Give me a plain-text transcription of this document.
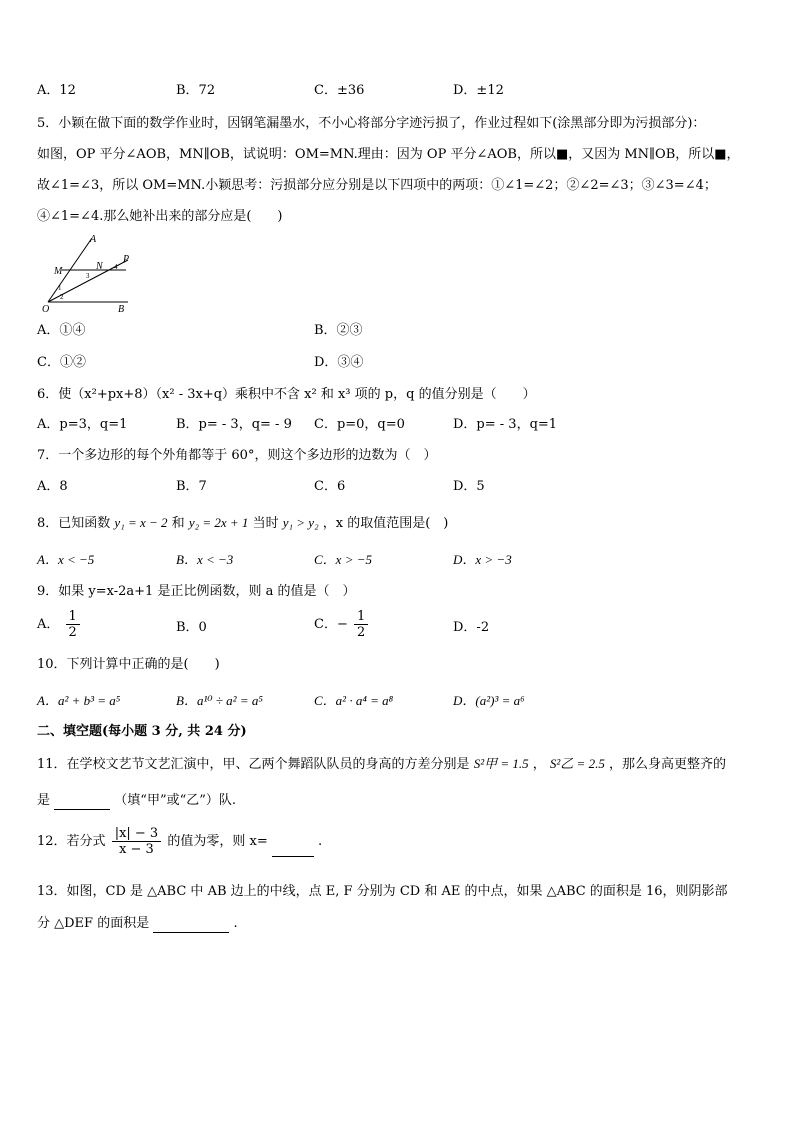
A．12	B．72	C．±36	D．±12
5．小颖在做下面的数学作业时，因钢笔漏墨水，不小心将部分字迹污损了，作业过程如下(涂黑部分即为污损部分)：
如图，OP 平分∠AOB，MN∥OB，试说明：OM=MN.理由：因为 OP 平分∠AOB，所以■，又因为 MN∥OB，所以■，
故∠1=∠3，所以 OM=MN.小颖思考：污损部分应分别是以下四项中的两项：①∠1=∠2；②∠2=∠3；③∠3=∠4；
④∠1=∠4.那么她补出来的部分应是(　　)
A
M	N
P
O	B
1
2
3
4
A．①④	B．②③
C．①②	D．③④
6．使（x²+px+8）（x² - 3x+q）乘积中不含 x² 和 x³ 项的 p，q 的值分别是（　　）
A．p=3，q=1	B．p= - 3，q= - 9 C．p=0，q=0	D．p= - 3，q=1
7．一个多边形的每个外角都等于 60°，则这个多边形的边数为（　）
A．8	B．7	C．6	D．5
8．已知函数 y₁ = x − 2 和 y₂ = 2x + 1 当时 y₁ > y₂ ，x 的取值范围是(　)
A．x < −5	B．x < −3	C．x > −5	D．x > −3
9．如果 y=x-2a+1 是正比例函数，则 a 的值是（　）
A． $\frac{1}{2}$	B．0	C．− $\frac{1}{2}$	D．-2
10．下列计算中正确的是(　　)
A．a² + b³ = a⁵	B．a¹⁰ ÷ a² = a⁵	C．a² · a⁴ = a⁸	D．(a²)³ = a⁶
二、填空题(每小题 3 分, 共 24 分)
11．在学校文艺节文艺汇演中，甲、乙两个舞蹈队队员的身高的方差分别是 S²甲 = 1.5 ， S²乙 = 2.5 ，那么身高更整齐的
是	（填“甲”或“乙”）队.
12．若分式 $\frac{|x| - 3}{x - 3}$ 的值为零，则 x=	.
13．如图，CD 是 △ABC 中 AB 边上的中线，点 E, F 分别为 CD 和 AE 的中点，如果 △ABC 的面积是 16，则阴影部
分 △DEF 的面积是	.
